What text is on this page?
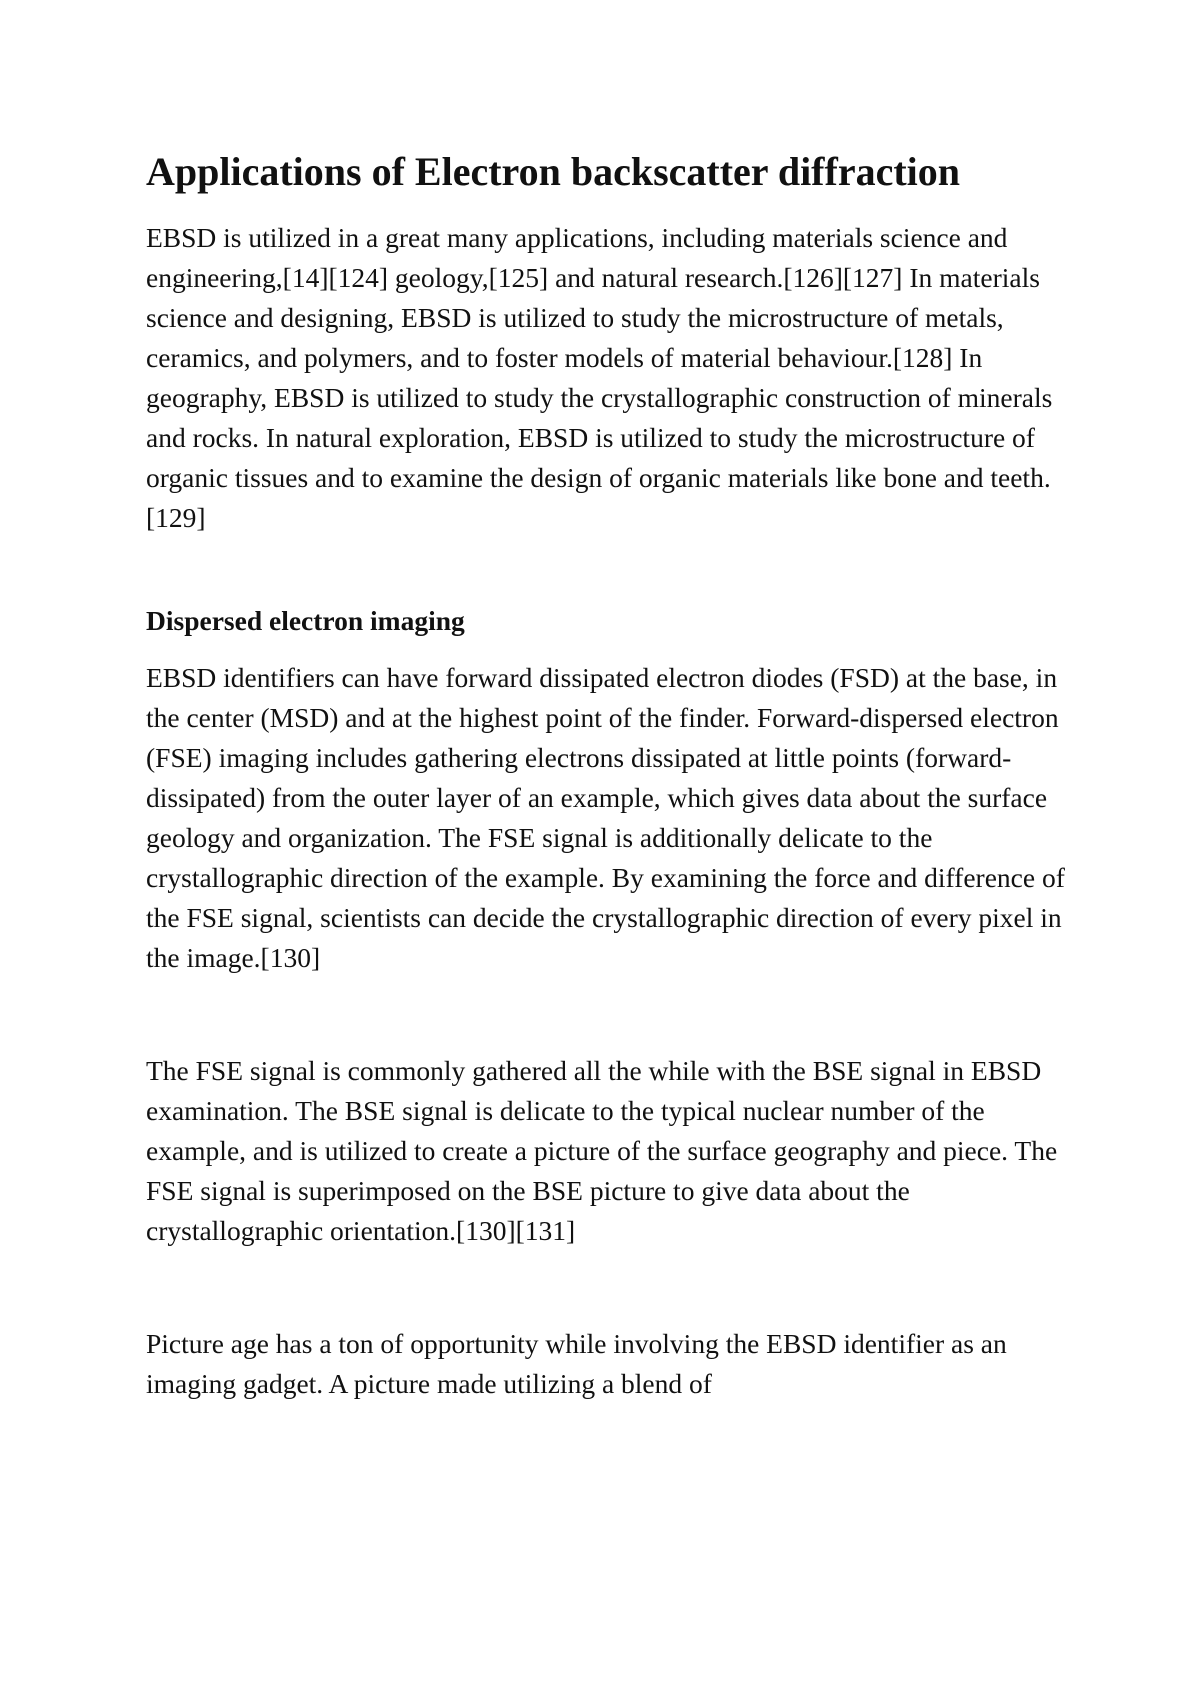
Applications of Electron backscatter diffraction

EBSD is utilized in a great many applications, including materials science and engineering,[14][124] geology,[125] and natural research.[126][127] In materials science and designing, EBSD is utilized to study the microstructure of metals, ceramics, and polymers, and to foster models of material behaviour.[128] In geography, EBSD is utilized to study the crystallographic construction of minerals and rocks. In natural exploration, EBSD is utilized to study the microstructure of organic tissues and to examine the design of organic materials like bone and teeth.[129]

Dispersed electron imaging

EBSD identifiers can have forward dissipated electron diodes (FSD) at the base, in the center (MSD) and at the highest point of the finder. Forward-dispersed electron (FSE) imaging includes gathering electrons dissipated at little points (forward-dissipated) from the outer layer of an example, which gives data about the surface geology and organization. The FSE signal is additionally delicate to the crystallographic direction of the example. By examining the force and difference of the FSE signal, scientists can decide the crystallographic direction of every pixel in the image.[130]

The FSE signal is commonly gathered all the while with the BSE signal in EBSD examination. The BSE signal is delicate to the typical nuclear number of the example, and is utilized to create a picture of the surface geography and piece. The FSE signal is superimposed on the BSE picture to give data about the crystallographic orientation.[130][131]

Picture age has a ton of opportunity while involving the EBSD identifier as an imaging gadget. A picture made utilizing a blend of
